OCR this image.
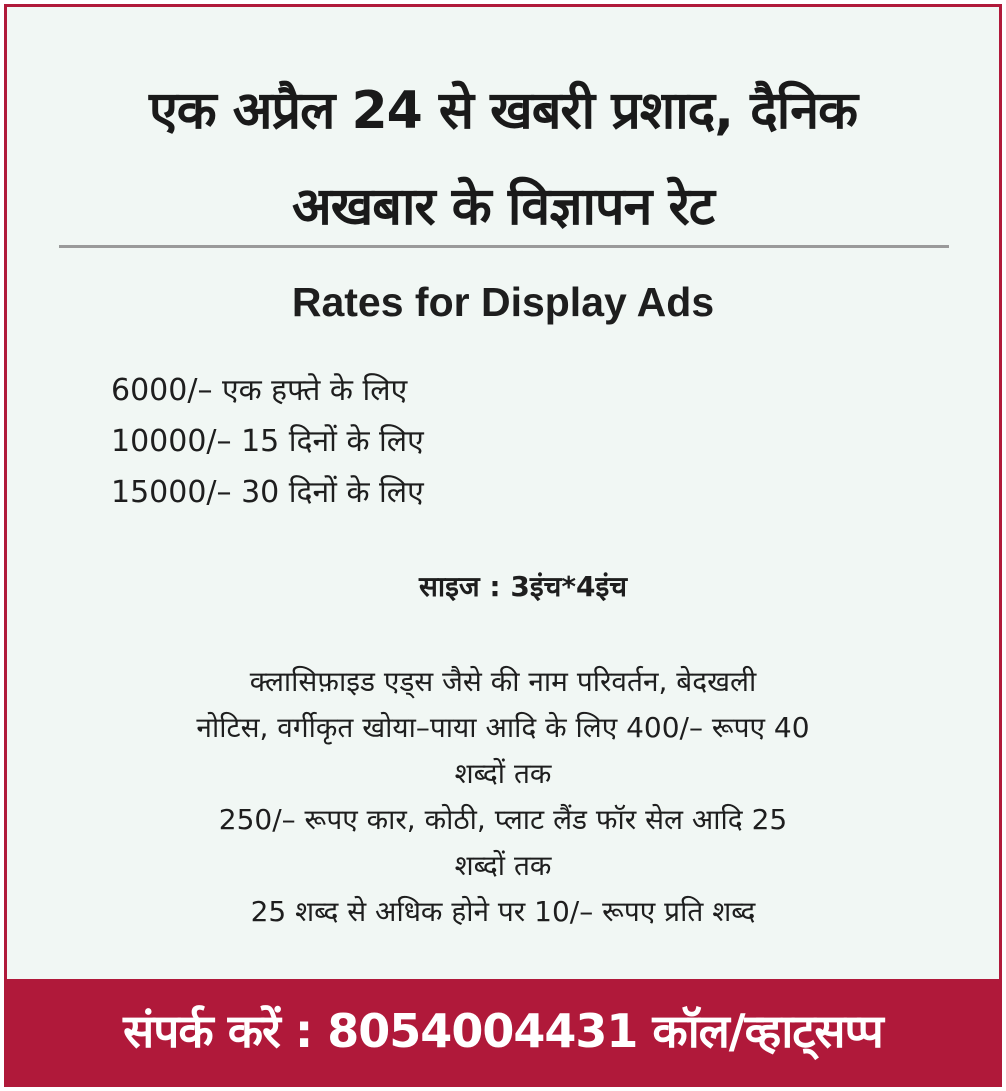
एक अप्रैल 24 से खबरी प्रशाद, दैनिक
अखबार के विज्ञापन रेट
Rates for Display Ads
6000/– एक हफ्ते के लिए
10000/– 15 दिनों के लिए
15000/– 30 दिनों के लिए
साइज : 3इंच*4इंच
क्लासिफ़ाइड एड्स जैसे की नाम परिवर्तन, बेदखली
नोटिस, वर्गीकृत खोया–पाया आदि के लिए 400/– रूपए 40
शब्दों तक
250/– रूपए कार, कोठी, प्लाट लैंड फॉर सेल आदि 25
शब्दों तक
25 शब्द से अधिक होने पर 10/– रूपए प्रति शब्द
संपर्क करें : 8054004431 कॉल/व्हाट्सप्प
